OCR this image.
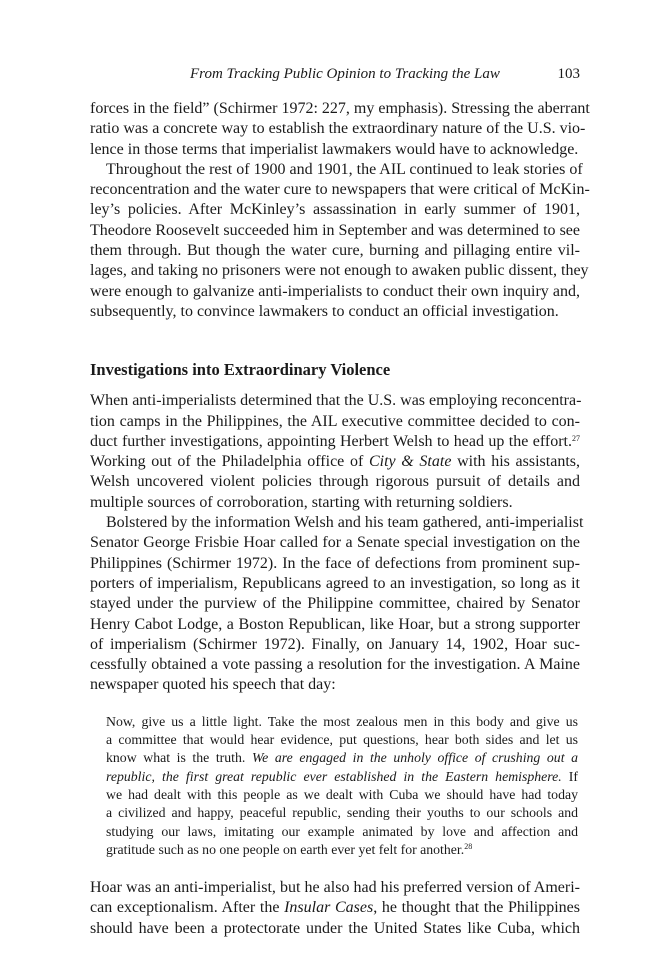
From Tracking Public Opinion to Tracking the Law	103

forces in the field” (Schirmer 1972: 227, my emphasis). Stressing the aberrant
ratio was a concrete way to establish the extraordinary nature of the U.S. vio-
lence in those terms that imperialist lawmakers would have to acknowledge.

Throughout the rest of 1900 and 1901, the AIL continued to leak stories of
reconcentration and the water cure to newspapers that were critical of McKin-
ley’s policies. After McKinley’s assassination in early summer of 1901,
Theodore Roosevelt succeeded him in September and was determined to see
them through. But though the water cure, burning and pillaging entire vil-
lages, and taking no prisoners were not enough to awaken public dissent, they
were enough to galvanize anti-imperialists to conduct their own inquiry and,
subsequently, to convince lawmakers to conduct an official investigation.

Investigations into Extraordinary Violence

When anti-imperialists determined that the U.S. was employing reconcentra-
tion camps in the Philippines, the AIL executive committee decided to con-
duct further investigations, appointing Herbert Welsh to head up the effort.$^{27}$
Working out of the Philadelphia office of City & State with his assistants,
Welsh uncovered violent policies through rigorous pursuit of details and
multiple sources of corroboration, starting with returning soldiers.

Bolstered by the information Welsh and his team gathered, anti-imperialist
Senator George Frisbie Hoar called for a Senate special investigation on the
Philippines (Schirmer 1972). In the face of defections from prominent sup-
porters of imperialism, Republicans agreed to an investigation, so long as it
stayed under the purview of the Philippine committee, chaired by Senator
Henry Cabot Lodge, a Boston Republican, like Hoar, but a strong supporter
of imperialism (Schirmer 1972). Finally, on January 14, 1902, Hoar suc-
cessfully obtained a vote passing a resolution for the investigation. A Maine
newspaper quoted his speech that day:

Now, give us a little light. Take the most zealous men in this body and give us
a committee that would hear evidence, put questions, hear both sides and let us
know what is the truth. We are engaged in the unholy office of crushing out a
republic, the first great republic ever established in the Eastern hemisphere. If
we had dealt with this people as we dealt with Cuba we should have had today
a civilized and happy, peaceful republic, sending their youths to our schools and
studying our laws, imitating our example animated by love and affection and
gratitude such as no one people on earth ever yet felt for another.$^{28}$

Hoar was an anti-imperialist, but he also had his preferred version of Ameri-
can exceptionalism. After the Insular Cases, he thought that the Philippines
should have been a protectorate under the United States like Cuba, which
